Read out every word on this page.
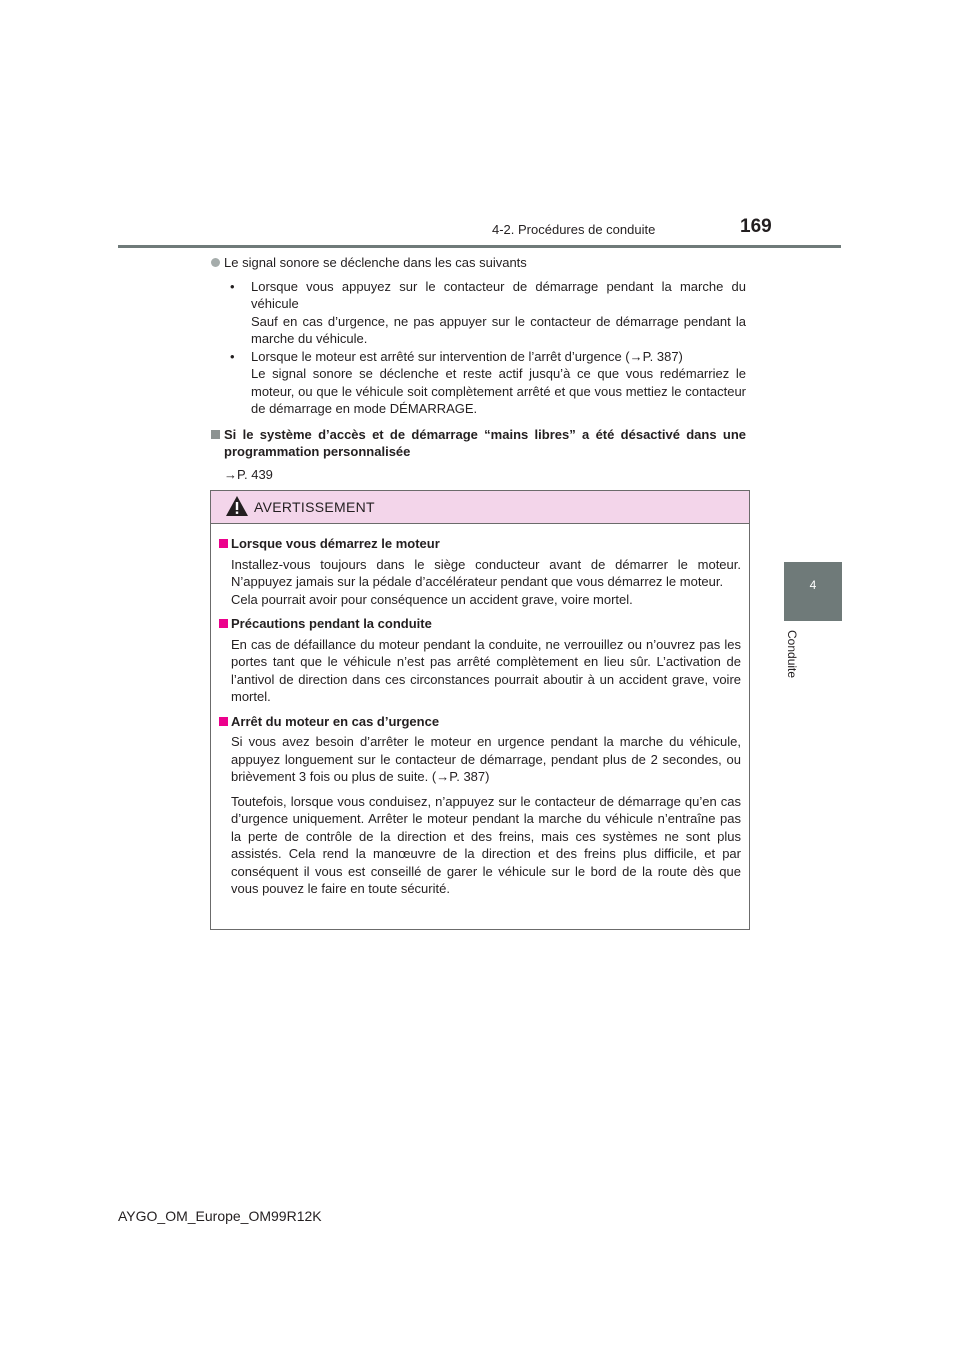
4-2. Procédures de conduite	169
4
Conduite
Le signal sonore se déclenche dans les cas suivants
• Lorsque vous appuyez sur le contacteur de démarrage pendant la marche du véhicule

Sauf en cas d’urgence, ne pas appuyer sur le contacteur de démarrage pendant la marche du véhicule.

• Lorsque le moteur est arrêté sur intervention de l’arrêt d’urgence (→P. 387)

Le signal sonore se déclenche et reste actif jusqu’à ce que vous redémarriez le moteur, ou que le véhicule soit complètement arrêté et que vous mettiez le contacteur de démarrage en mode DÉMARRAGE.

Si le système d’accès et de démarrage “mains libres” a été désactivé dans une programmation personnalisée
→P. 439
AVERTISSEMENT
Lorsque vous démarrez le moteur

Installez-vous toujours dans le siège conducteur avant de démarrer le moteur. N’appuyez jamais sur la pédale d’accélérateur pendant que vous démarrez le moteur.

Cela pourrait avoir pour conséquence un accident grave, voire mortel.

Précautions pendant la conduite

En cas de défaillance du moteur pendant la conduite, ne verrouillez ou n’ouvrez pas les portes tant que le véhicule n’est pas arrêté complètement en lieu sûr. L’activation de l’antivol de direction dans ces circonstances pourrait aboutir à un accident grave, voire mortel.

Arrêt du moteur en cas d’urgence

Si vous avez besoin d’arrêter le moteur en urgence pendant la marche du véhicule, appuyez longuement sur le contacteur de démarrage, pendant plus de 2 secondes, ou brièvement 3 fois ou plus de suite. (→P. 387)

Toutefois, lorsque vous conduisez, n’appuyez sur le contacteur de démarrage qu’en cas d’urgence uniquement. Arrêter le moteur pendant la marche du véhicule n’entraîne pas la perte de contrôle de la direction et des freins, mais ces systèmes ne sont plus assistés. Cela rend la manœuvre de la direction et des freins plus difficile, et par conséquent il vous est conseillé de garer le véhicule sur le bord de la route dès que vous pouvez le faire en toute sécurité.

AYGO_OM_Europe_OM99R12K
